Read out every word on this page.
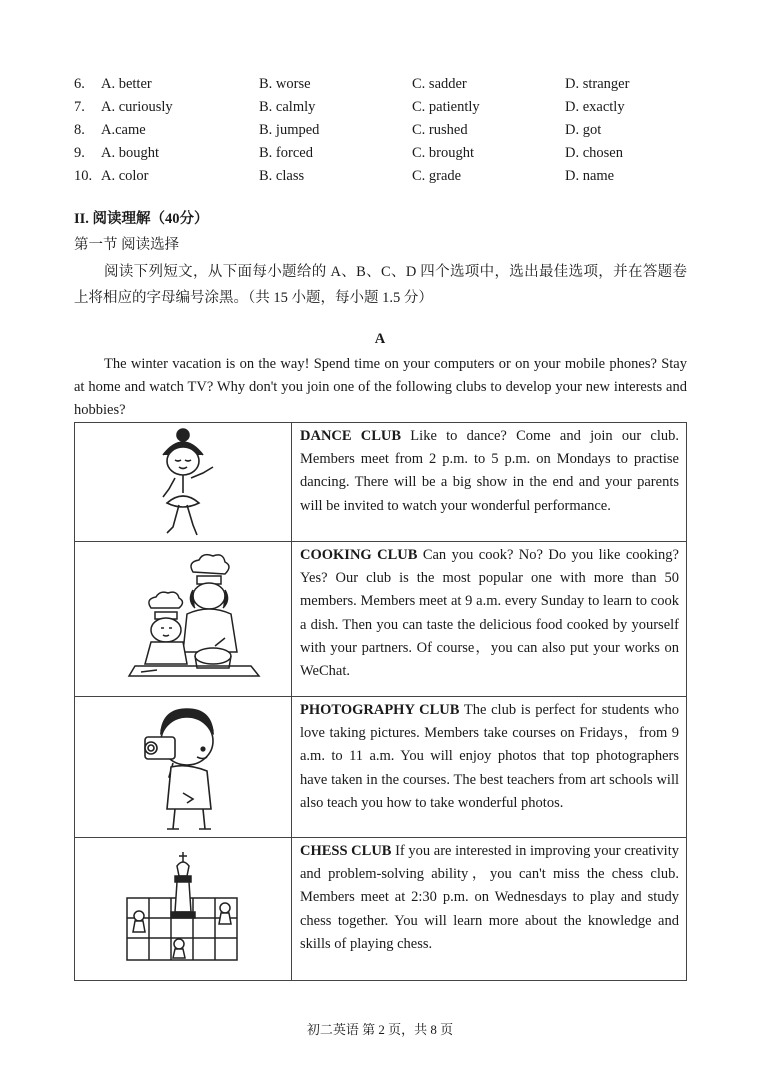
6. A. better	B. worse	C. sadder	D. stranger
7. A. curiously	B. calmly	C. patiently	D. exactly
8. A.came	B. jumped	C. rushed	D. got
9. A. bought	B. forced	C. brought	D. chosen
10. A. color	B. class	C. grade	D. name
II. 阅读理解（40分）
第一节 阅读选择
阅读下列短文，从下面每小题给的 A、B、C、D 四个选项中，选出最佳选项，并在答题卷上将相应的字母编号涂黑。（共 15 小题，每小题 1.5 分）
A
The winter vacation is on the way! Spend time on your computers or on your mobile phones? Stay at home and watch TV? Why don't you join one of the following clubs to develop your new interests and hobbies?
	DANCE CLUB Like to dance? Come and join our club. Members meet from 2 p.m. to 5 p.m. on Mondays to practise dancing. There will be a big show in the end and your parents will be invited to watch your wonderful performance.

	COOKING CLUB Can you cook? No? Do you like cooking? Yes? Our club is the most popular one with more than 50 members. Members meet at 9 a.m. every Sunday to learn to cook a dish. Then you can taste the delicious food cooked by yourself with your partners. Of course，you can also put your works on WeChat.

	PHOTOGRAPHY CLUB The club is perfect for students who love taking pictures. Members take courses on Fridays，from 9 a.m. to 11 a.m. You will enjoy photos that top photographers have taken in the courses. The best teachers from art schools will also teach you how to take wonderful photos.

	CHESS CLUB If you are interested in improving your creativity and problem-solving ability，you can't miss the chess club. Members meet at 2:30 p.m. on Wednesdays to play and study chess together. You will learn more about the knowledge and skills of playing chess.
初二英语 第 2 页，共 8 页
